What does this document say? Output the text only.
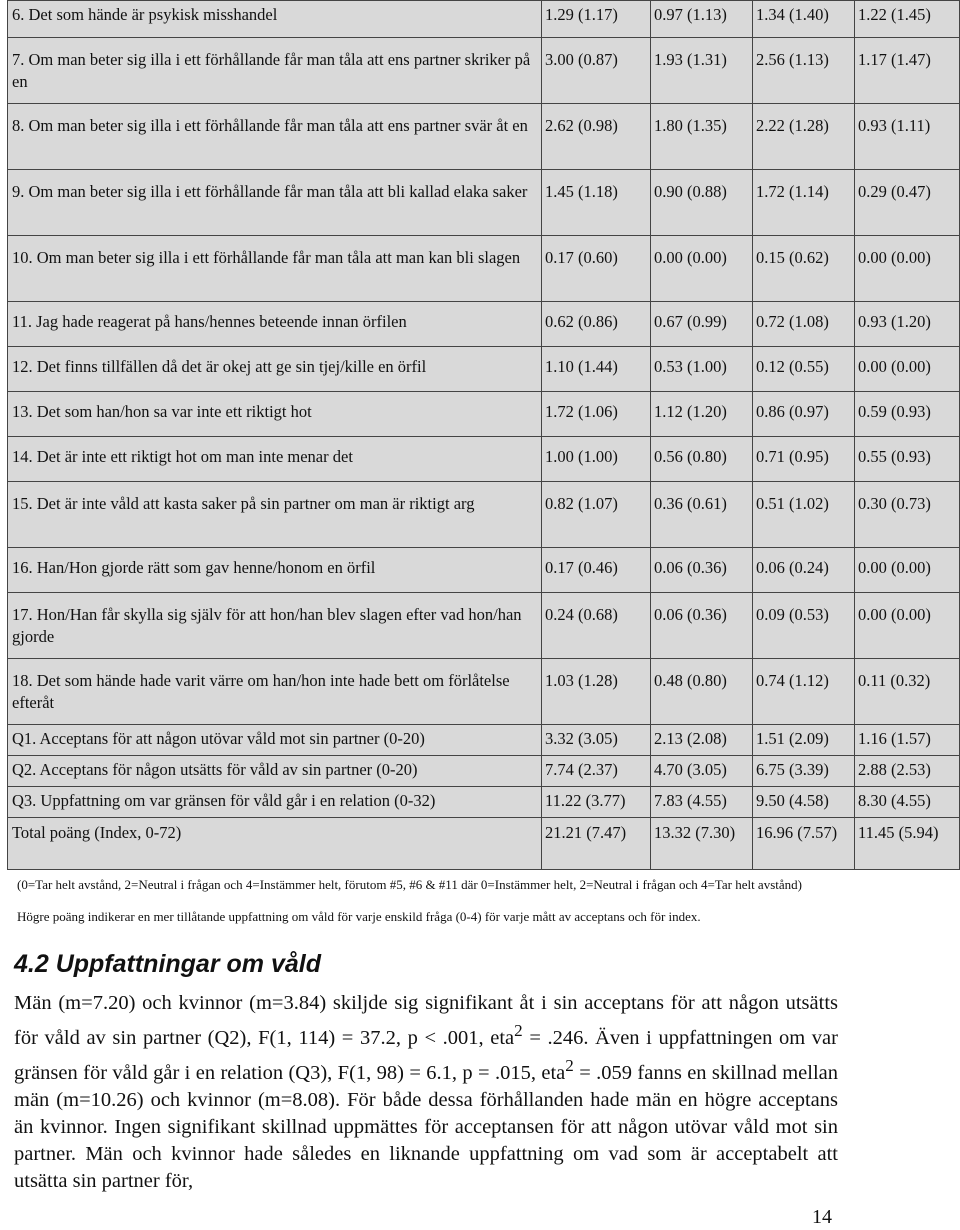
6. Det som hände är psykisk misshandel	1.29 (1.17)	0.97 (1.13)	1.34 (1.40)	1.22 (1.45)
7. Om man beter sig illa i ett förhållande får man tåla att ens partner skriker på en	3.00 (0.87)	1.93 (1.31)	2.56 (1.13)	1.17 (1.47)
8. Om man beter sig illa i ett förhållande får man tåla att ens partner svär åt en	2.62 (0.98)	1.80 (1.35)	2.22 (1.28)	0.93 (1.11)
9. Om man beter sig illa i ett förhållande får man tåla att bli kallad elaka saker	1.45 (1.18)	0.90 (0.88)	1.72 (1.14)	0.29 (0.47)
10. Om man beter sig illa i ett förhållande får man tåla att man kan bli slagen	0.17 (0.60)	0.00 (0.00)	0.15 (0.62)	0.00 (0.00)
11. Jag hade reagerat på hans/hennes beteende innan örfilen	0.62 (0.86)	0.67 (0.99)	0.72 (1.08)	0.93 (1.20)
12. Det finns tillfällen då det är okej att ge sin tjej/kille en örfil	1.10 (1.44)	0.53 (1.00)	0.12 (0.55)	0.00 (0.00)
13. Det som han/hon sa var inte ett riktigt hot	1.72 (1.06)	1.12 (1.20)	0.86 (0.97)	0.59 (0.93)
14. Det är inte ett riktigt hot om man inte menar det	1.00 (1.00)	0.56 (0.80)	0.71 (0.95)	0.55 (0.93)
15. Det är inte våld att kasta saker på sin partner om man är riktigt arg	0.82 (1.07)	0.36 (0.61)	0.51 (1.02)	0.30 (0.73)
16. Han/Hon gjorde rätt som gav henne/honom en örfil	0.17 (0.46)	0.06 (0.36)	0.06 (0.24)	0.00 (0.00)
17. Hon/Han får skylla sig själv för att hon/han blev slagen efter vad hon/han gjorde	0.24 (0.68)	0.06 (0.36)	0.09 (0.53)	0.00 (0.00)
18. Det som hände hade varit värre om han/hon inte hade bett om förlåtelse efteråt	1.03 (1.28)	0.48 (0.80)	0.74 (1.12)	0.11 (0.32)
Q1. Acceptans för att någon utövar våld mot sin partner (0-20)	3.32 (3.05)	2.13 (2.08)	1.51 (2.09)	1.16 (1.57)
Q2. Acceptans för någon utsätts för våld av sin partner (0-20)	7.74 (2.37)	4.70 (3.05)	6.75 (3.39)	2.88 (2.53)
Q3. Uppfattning om var gränsen för våld går i en relation (0-32)	11.22 (3.77)	7.83 (4.55)	9.50 (4.58)	8.30 (4.55)
Total poäng (Index, 0-72)	21.21 (7.47)	13.32 (7.30)	16.96 (7.57)	11.45 (5.94)
(0=Tar helt avstånd, 2=Neutral i frågan och 4=Instämmer helt, förutom #5, #6 & #11 där 0=Instämmer helt, 2=Neutral i frågan och 4=Tar helt avstånd)
Högre poäng indikerar en mer tillåtande uppfattning om våld för varje enskild fråga (0-4) för varje mått av acceptans och för index.
4.2 Uppfattningar om våld

Män (m=7.20) och kvinnor (m=3.84) skiljde sig signifikant åt i sin acceptans för att någon utsätts för våld av sin partner (Q2), F(1, 114) = 37.2, p < .001, eta$^2$ = .246. Även i uppfattningen om var gränsen för våld går i en relation (Q3), F(1, 98) = 6.1, p = .015, eta$^2$ = .059 fanns en skillnad mellan män (m=10.26) och kvinnor (m=8.08). För både dessa förhållanden hade män en högre acceptans än kvinnor. Ingen signifikant skillnad uppmättes för acceptansen för att någon utövar våld mot sin partner. Män och kvinnor hade således en liknande uppfattning om vad som är acceptabelt att utsätta sin partner för,

14
